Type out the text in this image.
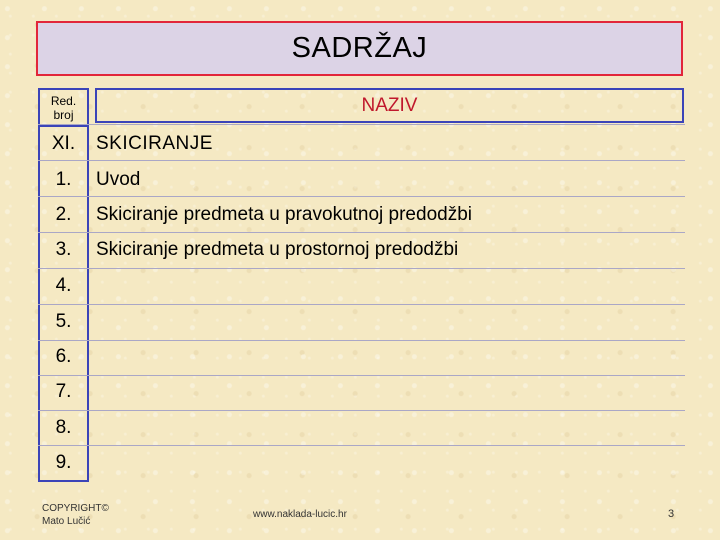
SADRŽAJ
Red.
broj	NAZIV
XI.	SKICIRANJE
1.	Uvod
2.	Skiciranje predmeta u pravokutnoj predodžbi
3.	Skiciranje predmeta u prostornoj predodžbi
4.
5.
6.
7.
8.
9.
COPYRIGHT©
Mato Lučić
www.naklada-lucic.hr	3
